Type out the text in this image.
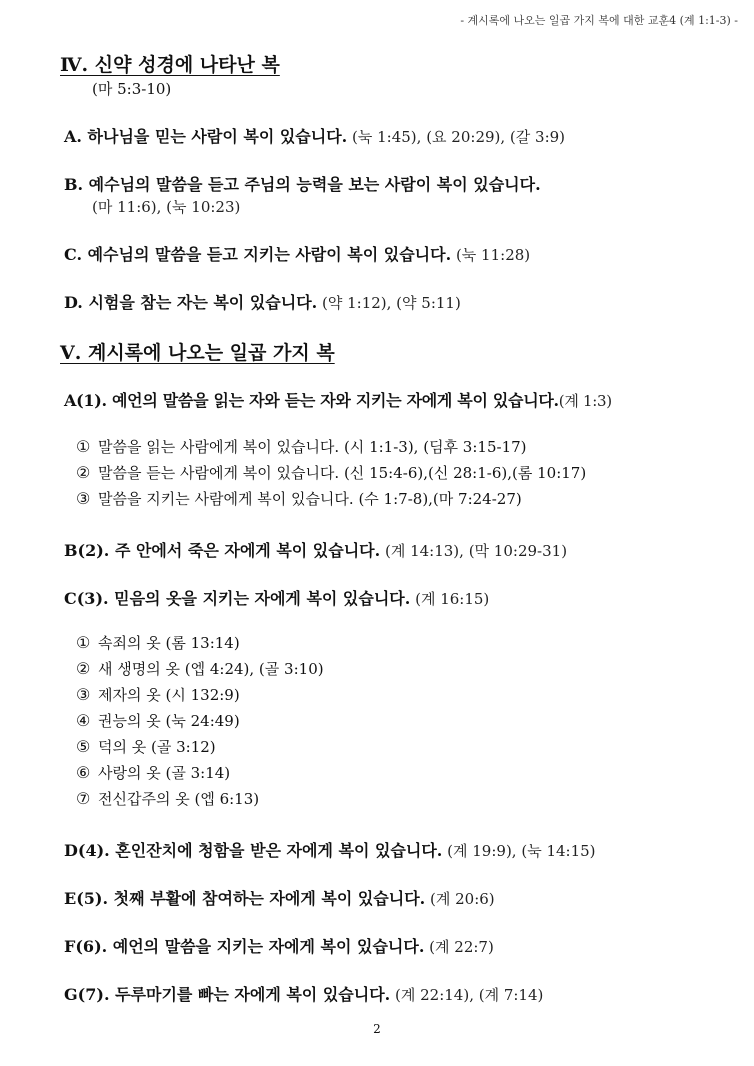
- 계시록에 나오는 일곱 가지 복에 대한 교훈4 (계 1:1-3) -
Ⅳ. 신약 성경에 나타난 복
(마 5:3-10)
A. 하나님을 믿는 사람이 복이 있습니다. (눅 1:45), (요 20:29), (갈 3:9)
B. 예수님의 말씀을 듣고 주님의 능력을 보는 사람이 복이 있습니다.
(마 11:6), (눅 10:23)
C. 예수님의 말씀을 듣고 지키는 사람이 복이 있습니다. (눅 11:28)
D. 시험을 참는 자는 복이 있습니다. (약 1:12), (약 5:11)
Ⅴ. 계시록에 나오는 일곱 가지 복
A(1). 예언의 말씀을 읽는 자와 듣는 자와 지키는 자에게 복이 있습니다.(계 1:3)
① 말씀을 읽는 사람에게 복이 있습니다. (시 1:1-3), (딤후 3:15-17)
② 말씀을 듣는 사람에게 복이 있습니다. (신 15:4-6),(신 28:1-6),(롬 10:17)
③ 말씀을 지키는 사람에게 복이 있습니다. (수 1:7-8),(마 7:24-27)
B(2). 주 안에서 죽은 자에게 복이 있습니다. (계 14:13), (막 10:29-31)
C(3). 믿음의 옷을 지키는 자에게 복이 있습니다. (계 16:15)
① 속죄의 옷 (롬 13:14)
② 새 생명의 옷 (엡 4:24), (골 3:10)
③ 제자의 옷 (시 132:9)
④ 권능의 옷 (눅 24:49)
⑤ 덕의 옷 (골 3:12)
⑥ 사랑의 옷 (골 3:14)
⑦ 전신갑주의 옷 (엡 6:13)
D(4). 혼인잔치에 청함을 받은 자에게 복이 있습니다. (계 19:9), (눅 14:15)
E(5). 첫째 부활에 참여하는 자에게 복이 있습니다. (계 20:6)
F(6). 예언의 말씀을 지키는 자에게 복이 있습니다. (계 22:7)
G(7). 두루마기를 빠는 자에게 복이 있습니다. (계 22:14), (계 7:14)
2
